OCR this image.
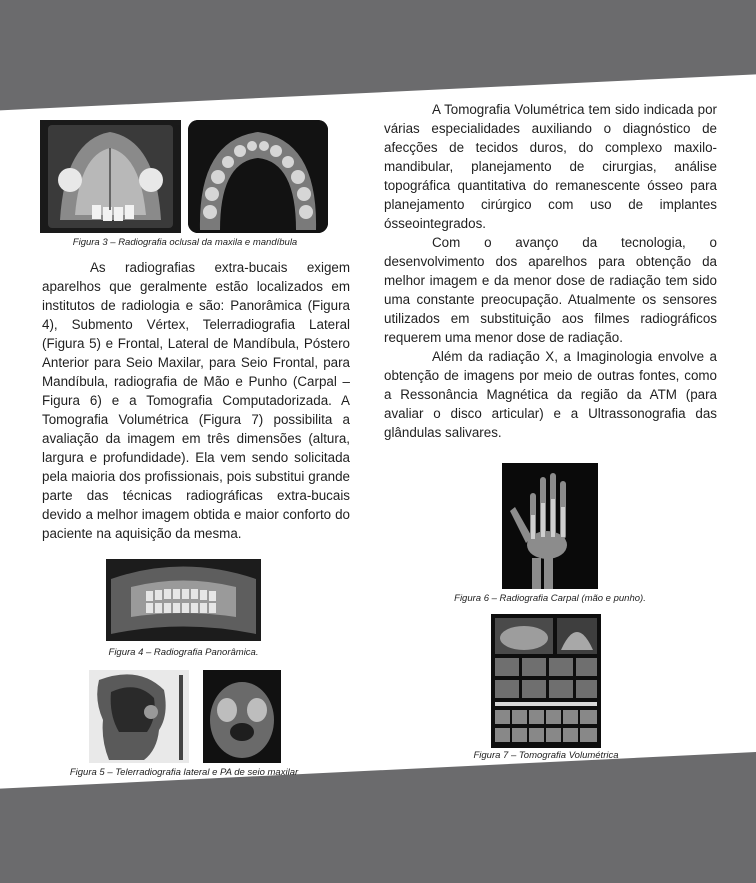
Figura 3 – Radiografia oclusal da maxila e mandíbula

As radiografias extra-bucais exigem aparelhos que geralmente estão localizados em institutos de radiologia e são: Panorâmica (Figura 4), Submento Vértex, Telerradiografia Lateral (Figura 5) e Frontal, Lateral de Mandíbula, Póstero Anterior para Seio Maxilar, para Seio Frontal, para Mandíbula, radiografia de Mão e Punho (Carpal – Figura 6) e a Tomografia Computadorizada. A Tomografia Volumétrica (Figura 7) possibilita a avaliação da imagem em três dimensões (altura, largura e profundidade). Ela vem sendo solicitada pela maioria dos profissionais, pois substitui grande parte das técnicas radiográficas extra-bucais devido a melhor imagem obtida e maior conforto do paciente na aquisição da mesma.

Figura 4 – Radiografia Panorâmica.
Figura 5 – Telerradiografia lateral e PA de seio maxilar

A Tomografia Volumétrica tem sido indicada por várias especialidades auxiliando o diagnóstico de afecções de tecidos duros, do complexo maxilo-mandibular, planejamento de cirurgias, análise topográfica quantitativa do remanescente ósseo para planejamento cirúrgico com uso de implantes ósseointegrados.

Com o avanço da tecnologia, o desenvolvimento dos aparelhos para obtenção da melhor imagem e da menor dose de radiação tem sido uma constante preocupação. Atualmente os sensores utilizados em substituição aos filmes radiográficos requerem uma menor dose de radiação.

Além da radiação X, a Imaginologia envolve a obtenção de imagens por meio de outras fontes, como a Ressonância Magnética da região da ATM (para avaliar o disco articular) e a Ultrassonografia das glândulas salivares.

Figura 6 – Radiografia Carpal (mão e punho).
Figura 7 – Tomografia Volumétrica
